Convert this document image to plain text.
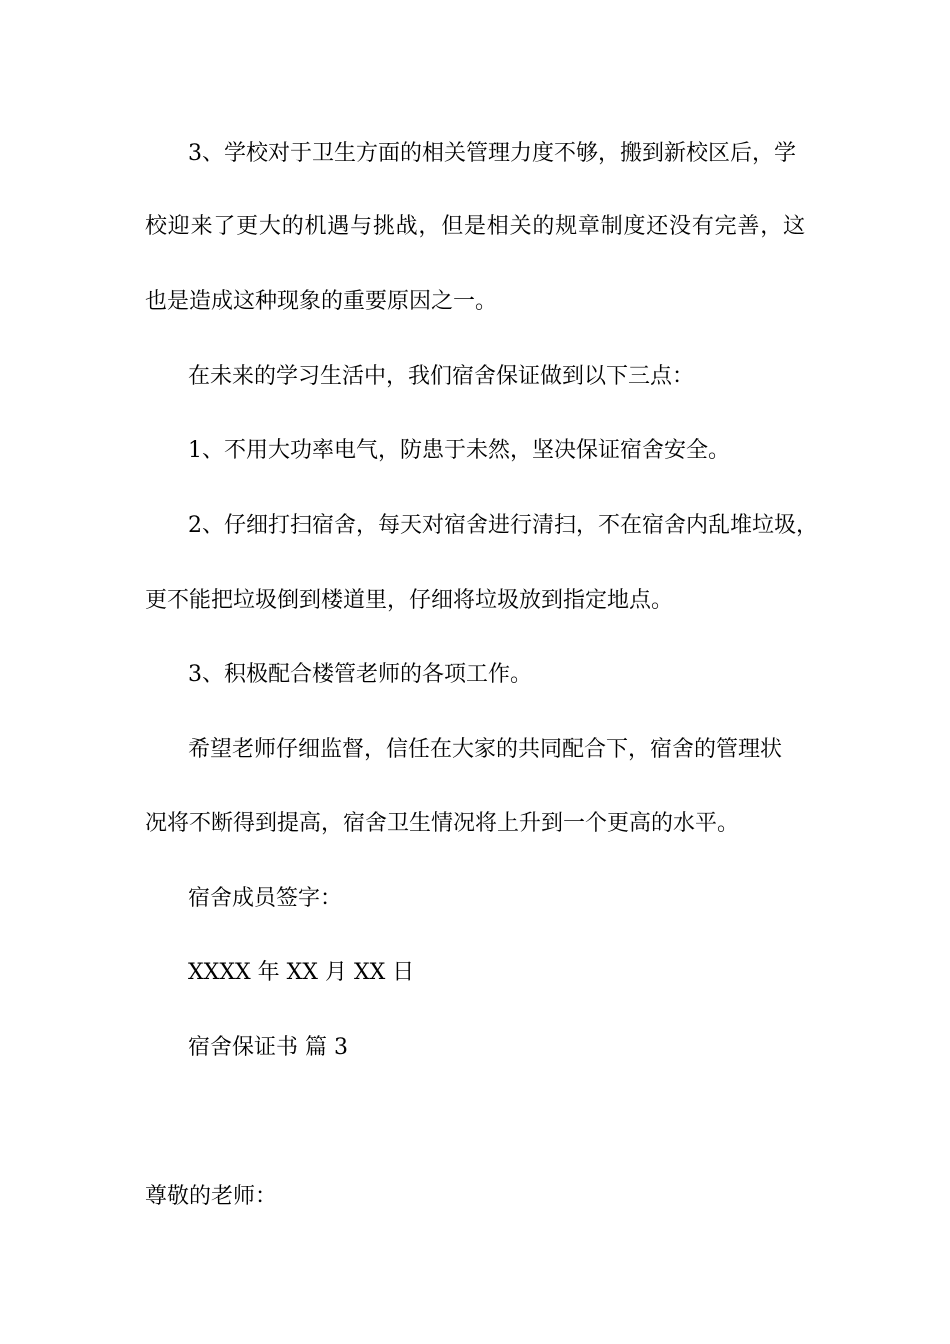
3、学校对于卫生方面的相关管理力度不够，搬到新校区后，学
校迎来了更大的机遇与挑战，但是相关的规章制度还没有完善，这
也是造成这种现象的重要原因之一。
在未来的学习生活中，我们宿舍保证做到以下三点：
1、不用大功率电气，防患于未然，坚决保证宿舍安全。
2、仔细打扫宿舍，每天对宿舍进行清扫，不在宿舍内乱堆垃圾，
更不能把垃圾倒到楼道里，仔细将垃圾放到指定地点。
3、积极配合楼管老师的各项工作。
希望老师仔细监督，信任在大家的共同配合下，宿舍的管理状
况将不断得到提高，宿舍卫生情况将上升到一个更高的水平。
宿舍成员签字：
XXXX 年 XX 月 XX 日
宿舍保证书 篇 3
尊敬的老师：
